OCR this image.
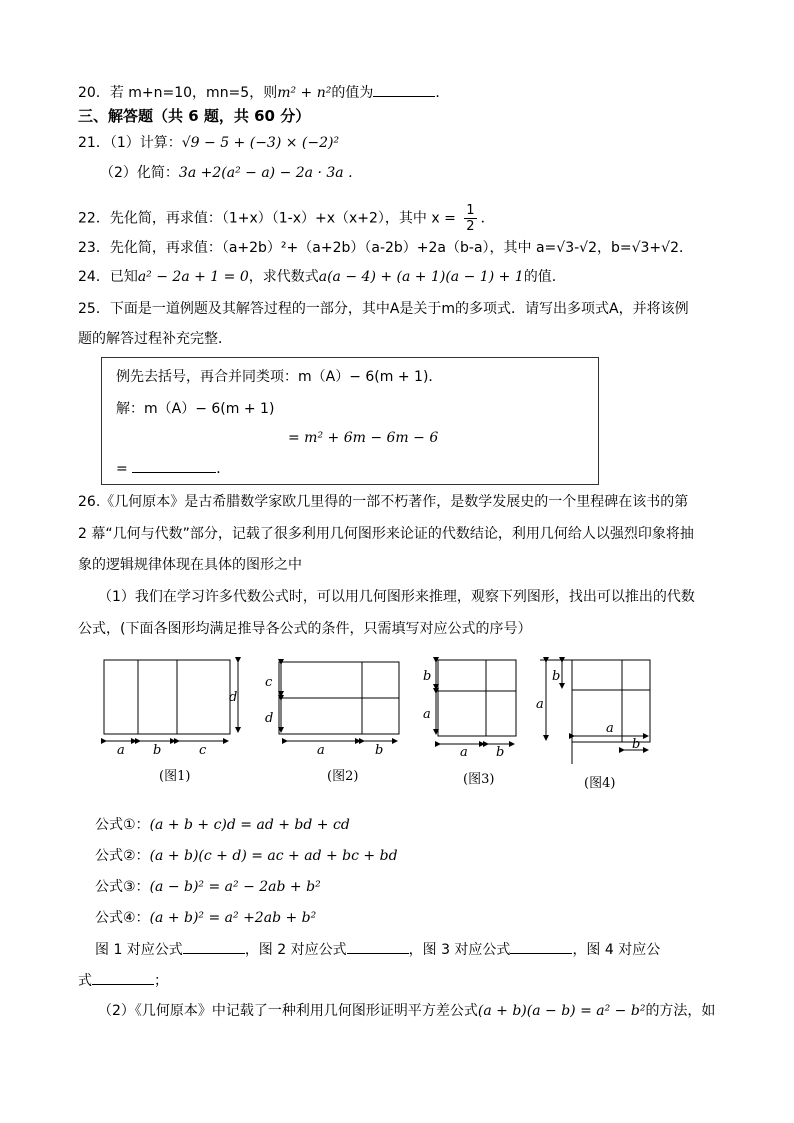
20．若 m+n=10，mn=5，则m² + n²的值为	．
三、解答题（共 6 题，共 60 分）
21．（1）计算：√9 − 5 + (−3) × (−2)²
（2）化简：3a +2(a² − a) − 2a · 3a .
22．先化简，再求值：（1+x）（1-x）+x（x+2），其中 $x = \frac{1}{2}$ ．
23．先化简，再求值：（a+2b）²+（a+2b）（a-2b）+2a（b-a），其中 a=√3-√2，b=√3+√2．
24．已知a² − 2a + 1 = 0，求代数式a(a − 4) + (a + 1)(a − 1) + 1的值.
25．下面是一道例题及其解答过程的一部分，其中A是关于m的多项式．请写出多项式A，并将该例
题的解答过程补充完整．
例先去括号，再合并同类项：m（A）− 6(m + 1)．
解：m（A）− 6(m + 1)
= m² + 6m − 6m − 6
=	．
26.《几何原本》是古希腊数学家欧几里得的一部不朽著作，是数学发展史的一个里程碑在该书的第
2 幕“几何与代数”部分，记载了很多利用几何图形来论证的代数结论，利用几何给人以强烈印象将抽
象的逻辑规律体现在具体的图形之中
（1）我们在学习许多代数公式时，可以用几何图形来推理，观察下列图形，找出可以推出的代数
公式，(下面各图形均满足推导各公式的条件，只需填写对应公式的序号）
d
a b	c
(图1)
c
d
a	b
(图2)
b
a
a b
(图3)
b
a
a
b
(图4)
公式①：(a + b + c)d = ad + bd + cd
公式②：(a + b)(c + d) = ac + ad + bc + bd
公式③：(a − b)² = a² − 2ab + b²
公式④：(a + b)² = a² +2ab + b²
图 1 对应公式	，图 2 对应公式	，图 3 对应公式	，图 4 对应公
式	；
（2）《几何原本》中记载了一种利用几何图形证明平方差公式(a + b)(a − b) = a² − b²的方法，如
